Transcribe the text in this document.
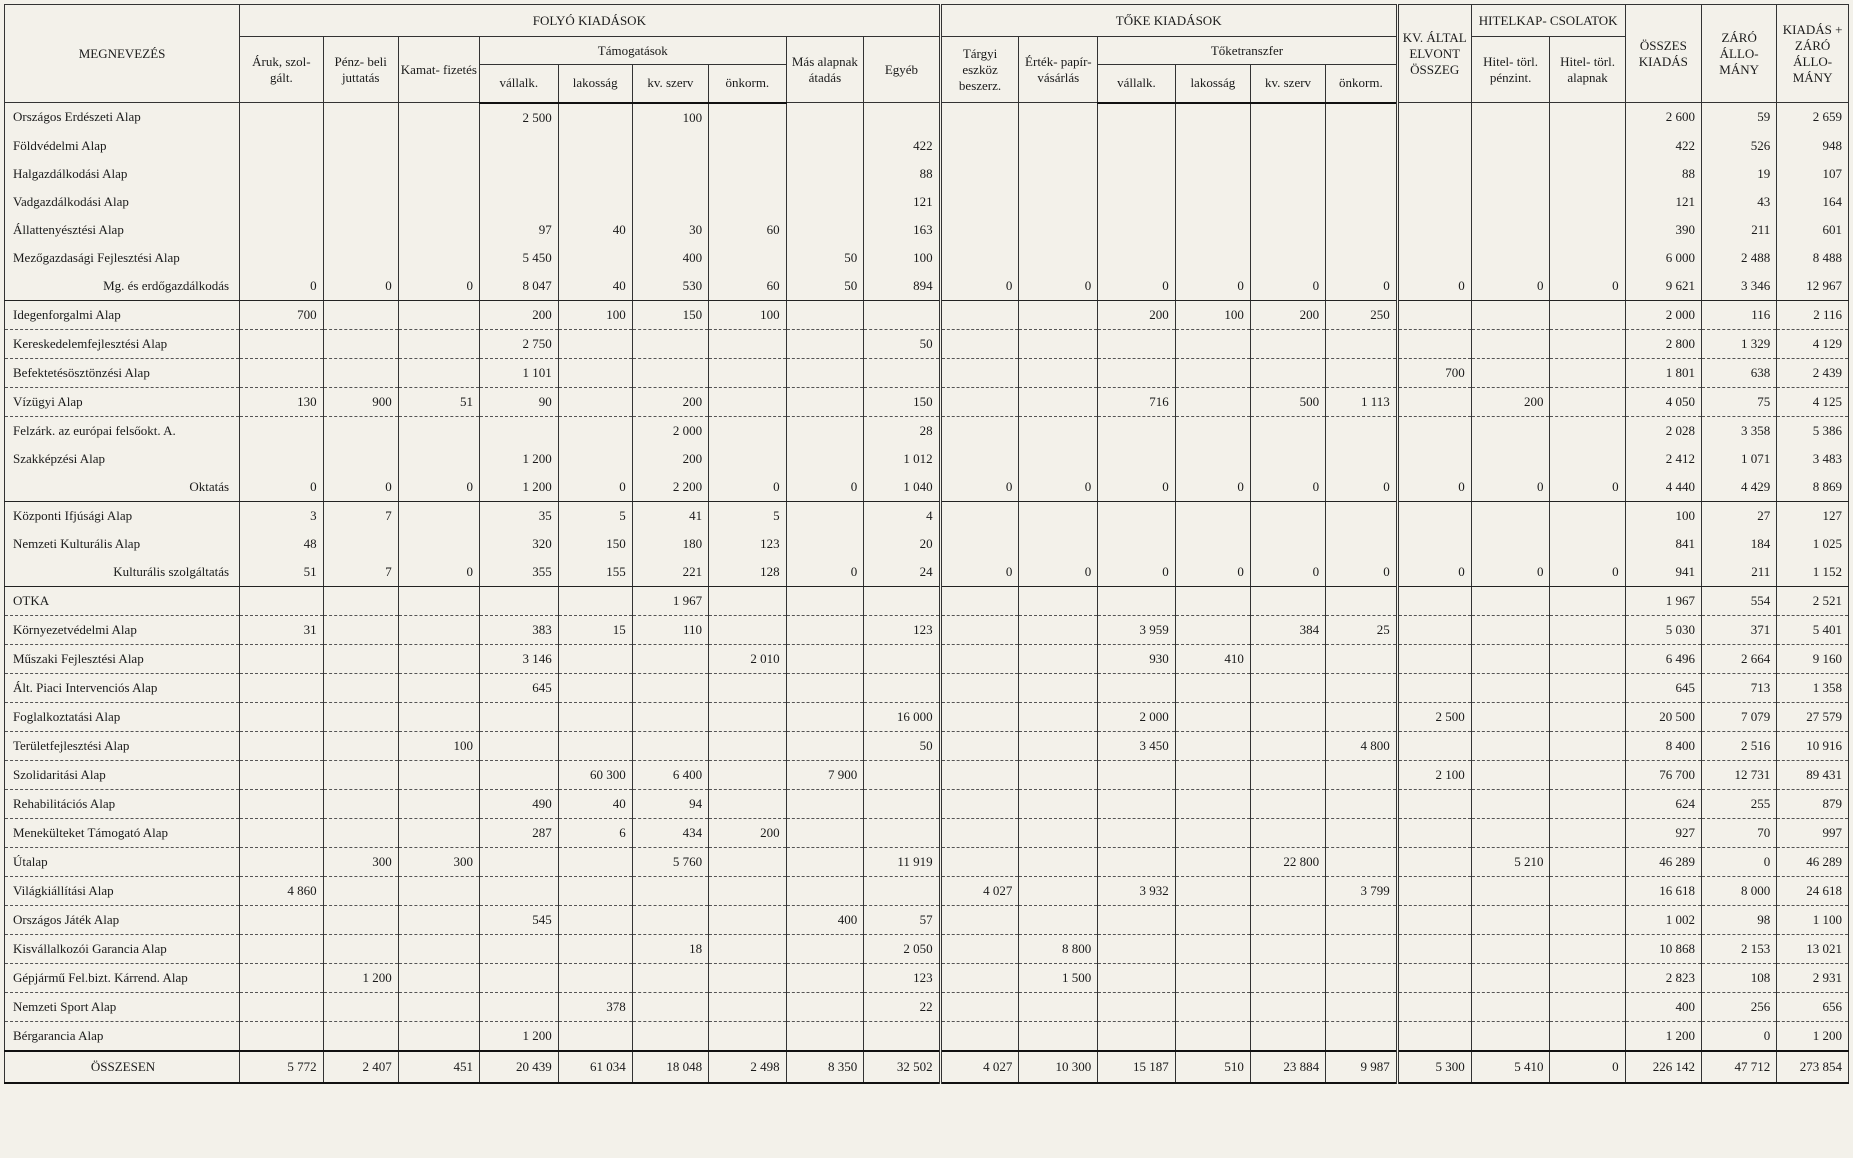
MEGNEVEZÉS	FOLYÓ KIADÁSOK									TŐKE KIADÁSOK						KV. ÁLTAL ELVONT ÖSSZEG	HITELKAP- CSOLATOK		ÖSSZES KIADÁS	ZÁRÓ ÁLLO- MÁNY	KIADÁS + ZÁRÓ ÁLLO- MÁNY
	Áruk, szol- gált.	Pénz- beli juttatás	Kamat- fizetés	Támogatások				Más alapnak átadás	Egyéb	Tárgyi eszköz beszerz.	Érték- papír- vásárlás	Tőketranszfer					Hitel- törl. pénzint.	Hitel- törl. alapnak			
				vállalk.	lakosság	kv. szerv	önkorm.					vállalk.	lakosság	kv. szerv	önkorm.						
Országos Erdészeti Alap				2 500		100													2 600	59	2 659
Földvédelmi Alap									422										422	526	948
Halgazdálkodási Alap									88										88	19	107
Vadgazdálkodási Alap									121										121	43	164
Állattenyésztési Alap				97	40	30	60		163										390	211	601
Mezőgazdasági Fejlesztési Alap				5 450		400		50	100										6 000	2 488	8 488
Mg. és erdőgazdálkodás	0	0	0	8 047	40	530	60	50	894	0	0	0	0	0	0	0	0	0	9 621	3 346	12 967
Idegenforgalmi Alap	700			200	100	150	100					200	100	200	250				2 000	116	2 116
Kereskedelemfejlesztési Alap				2 750					50										2 800	1 329	4 129
Befektetésösztönzési Alap				1 101												700			1 801	638	2 439
Vízügyi Alap	130	900	51	90		200			150			716		500	1 113		200		4 050	75	4 125
Felzárk. az európai felsőokt. A.						2 000			28										2 028	3 358	5 386
Szakképzési Alap				1 200		200			1 012										2 412	1 071	3 483
Oktatás	0	0	0	1 200	0	2 200	0	0	1 040	0	0	0	0	0	0	0	0	0	4 440	4 429	8 869
Központi Ifjúsági Alap	3	7		35	5	41	5		4										100	27	127
Nemzeti Kulturális Alap	48			320	150	180	123		20										841	184	1 025
Kulturális szolgáltatás	51	7	0	355	155	221	128	0	24	0	0	0	0	0	0	0	0	0	941	211	1 152
OTKA						1 967													1 967	554	2 521
Környezetvédelmi Alap	31			383	15	110			123			3 959		384	25				5 030	371	5 401
Műszaki Fejlesztési Alap				3 146			2 010					930	410						6 496	2 664	9 160
Ált. Piaci Intervenciós Alap				645															645	713	1 358
Foglalkoztatási Alap									16 000			2 000				2 500			20 500	7 079	27 579
Területfejlesztési Alap			100						50			3 450			4 800				8 400	2 516	10 916
Szolidaritási Alap					60 300	6 400		7 900								2 100			76 700	12 731	89 431
Rehabilitációs Alap				490	40	94													624	255	879
Menekülteket Támogató Alap				287	6	434	200												927	70	997
Útalap		300	300			5 760			11 919					22 800			5 210		46 289	0	46 289
Világkiállítási Alap	4 860									4 027		3 932			3 799				16 618	8 000	24 618
Országos Játék Alap				545				400	57										1 002	98	1 100
Kisvállalkozói Garancia Alap						18			2 050		8 800								10 868	2 153	13 021
Gépjármű Fel.bizt. Kárrend. Alap		1 200							123		1 500								2 823	108	2 931
Nemzeti Sport Alap					378				22										400	256	656
Bérgarancia Alap				1 200															1 200	0	1 200
ÖSSZESEN	5 772	2 407	451	20 439	61 034	18 048	2 498	8 350	32 502	4 027	10 300	15 187	510	23 884	9 987	5 300	5 410	0	226 142	47 712	273 854
